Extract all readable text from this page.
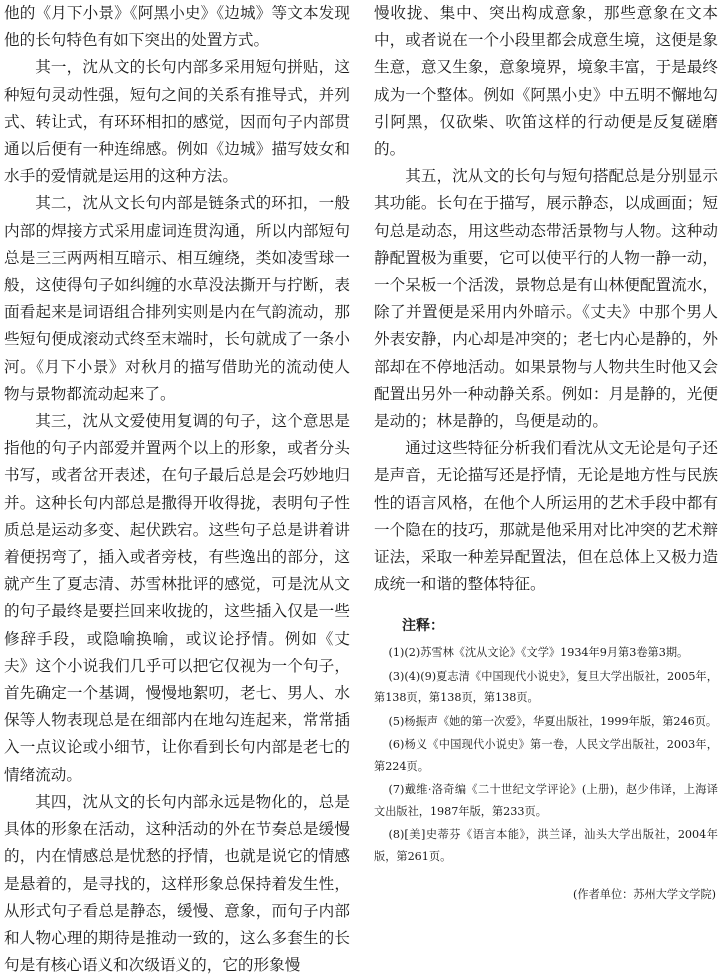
他的《月下小景》《阿黑小史》《边城》等文本发现他的长句特色有如下突出的处置方式。

其一，沈从文的长句内部多采用短句拼贴，这种短句灵动性强，短句之间的关系有推导式，并列式、转让式，有环环相扣的感觉，因而句子内部贯通以后便有一种连绵感。例如《边城》描写妓女和水手的爱情就是运用的这种方法。

其二，沈从文长句内部是链条式的环扣，一般内部的焊接方式采用虚词连贯沟通，所以内部短句总是三三两两相互暗示、相互缠绕，类如凌雪球一般，这使得句子如纠缠的水草没法撕开与拧断，表面看起来是词语组合排列实则是内在气韵流动，那些短句便成滚动式终至末端时，长句就成了一条小河。《月下小景》对秋月的描写借助光的流动使人物与景物都流动起来了。

其三，沈从文爱使用复调的句子，这个意思是指他的句子内部爱并置两个以上的形象，或者分头书写，或者岔开表述，在句子最后总是会巧妙地归并。这种长句内部总是撒得开收得拢，表明句子性质总是运动多变、起伏跌宕。这些句子总是讲着讲着便拐弯了，插入或者旁枝，有些逸出的部分，这就产生了夏志清、苏雪林批评的感觉，可是沈从文的句子最终是要拦回来收拢的，这些插入仅是一些修辞手段，或隐喻换喻，或议论抒情。例如《丈夫》这个小说我们几乎可以把它仅视为一个句子，首先确定一个基调，慢慢地絮叨，老七、男人、水保等人物表现总是在细部内在地勾连起来，常常插入一点议论或小细节，让你看到长句内部是老七的情绪流动。

其四，沈从文的长句内部永远是物化的，总是具体的形象在活动，这种活动的外在节奏总是缓慢的，内在情感总是忧愁的抒情，也就是说它的情感是悬着的，是寻找的，这样形象总保持着发生性，从形式句子看总是静态，缓慢、意象，而句子内部和人物心理的期待是推动一致的，这么多套生的长句是有核心语义和次级语义的，它的形象慢

慢收拢、集中、突出构成意象，那些意象在文本中，或者说在一个小段里都会成意生境，这便是象生意，意又生象，意象境界，境象丰富，于是最终成为一个整体。例如《阿黑小史》中五明不懈地勾引阿黑，仅砍柴、吹笛这样的行动便是反复磋磨的。

其五，沈从文的长句与短句搭配总是分别显示其功能。长句在于描写，展示静态，以成画面；短句总是动态，用这些动态带活景物与人物。这种动静配置极为重要，它可以使平行的人物一静一动，一个呆板一个活泼，景物总是有山林便配置流水，除了并置便是采用内外暗示。《丈夫》中那个男人外表安静，内心却是冲突的；老七内心是静的，外部却在不停地活动。如果景物与人物共生时他又会配置出另外一种动静关系。例如：月是静的，光便是动的；林是静的，鸟便是动的。

通过这些特征分析我们看沈从文无论是句子还是声音，无论描写还是抒情，无论是地方性与民族性的语言风格，在他个人所运用的艺术手段中都有一个隐在的技巧，那就是他采用对比冲突的艺术辩证法，采取一种差异配置法，但在总体上又极力造成统一和谐的整体特征。

注释：

(1)(2)苏雪林《沈从文论》《文学》1934年9月第3卷第3期。

(3)(4)(9)夏志清《中国现代小说史》，复旦大学出版社，2005年，第138页，第138页，第138页。

(5)杨振声《她的第一次爱》，华夏出版社，1999年版，第246页。

(6)杨义《中国现代小说史》第一卷，人民文学出版社，2003年，第224页。

(7)戴维·洛奇编《二十世纪文学评论》(上册)，赵少伟译，上海译文出版社，1987年版，第233页。

(8)[美]史蒂芬《语言本能》，洪兰译，汕头大学出版社，2004年版，第261页。

(作者单位：苏州大学文学院)
